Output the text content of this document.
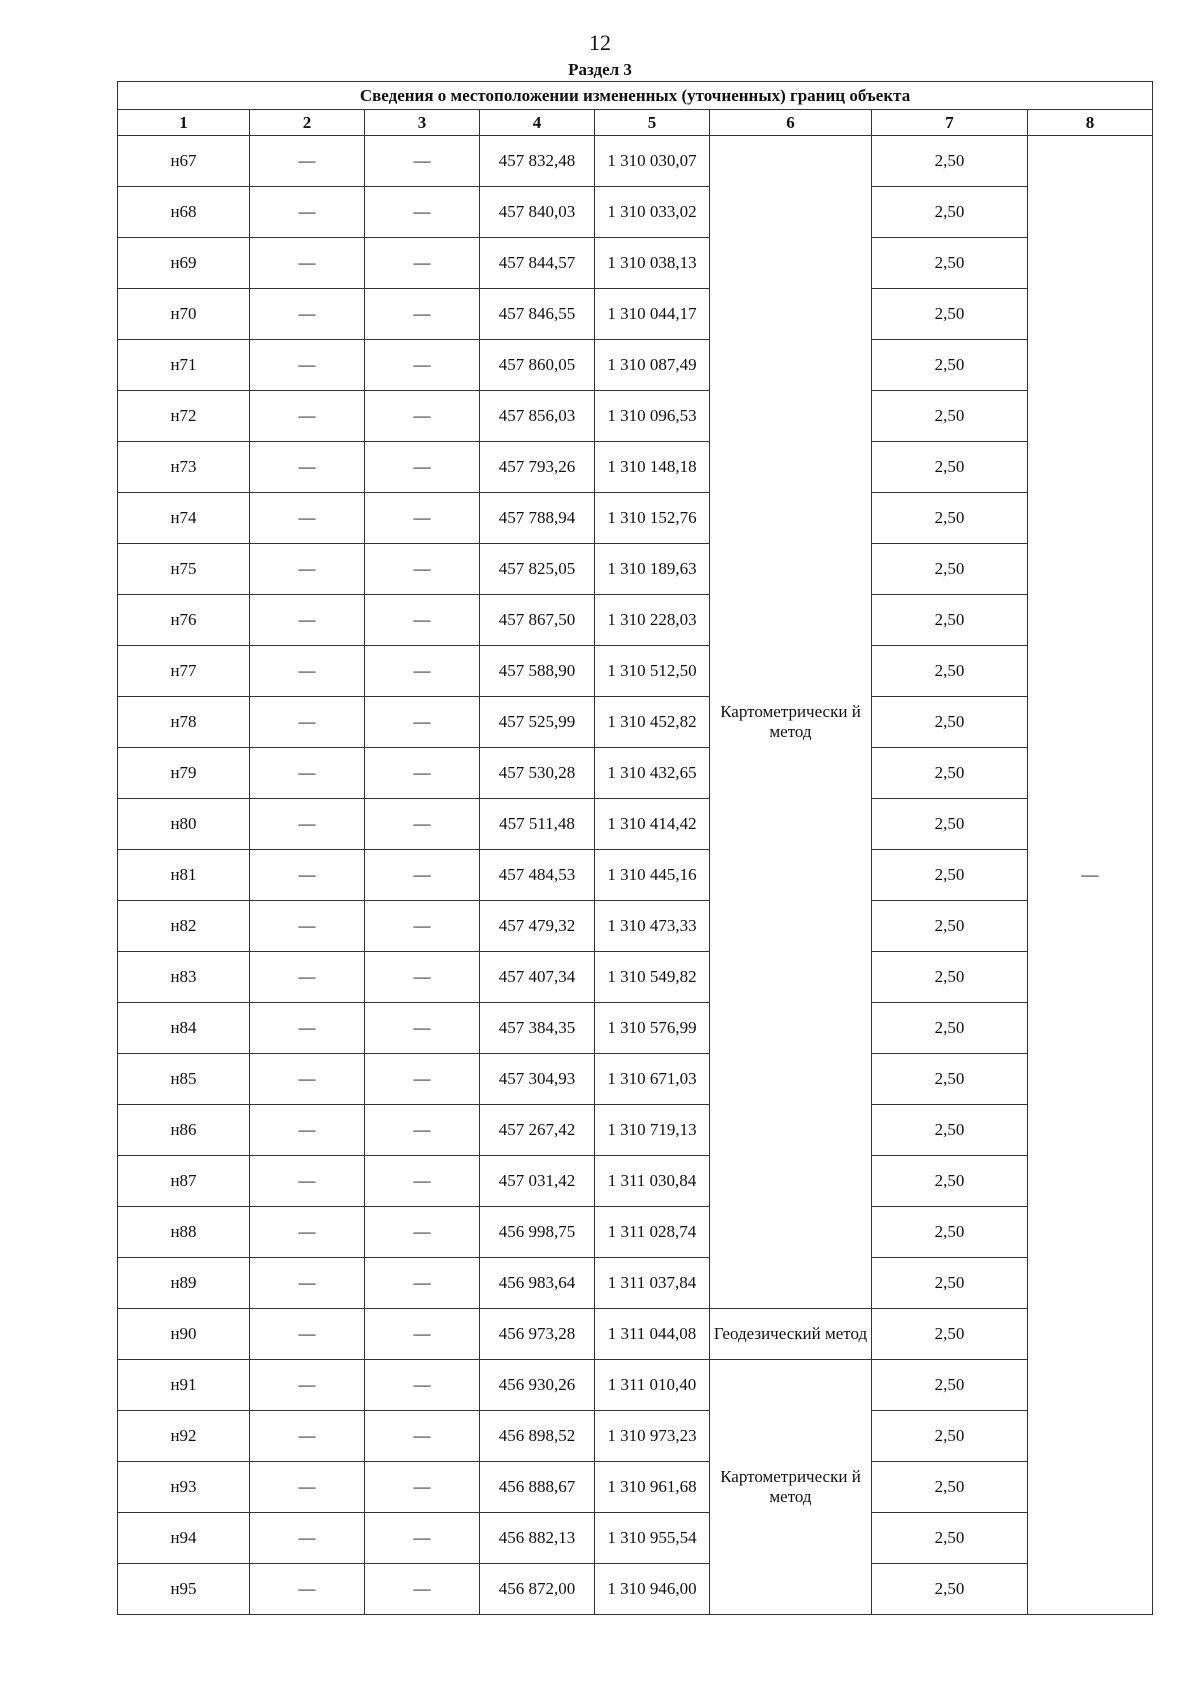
12
Раздел 3
Сведения о местоположении измененных (уточненных) границ объекта							
1	2	3	4	5	6	7	8
н67	—	—	457 832,48	1 310 030,07	Картометрически й метод	2,50	—
н68	—	—	457 840,03	1 310 033,02		2,50	
н69	—	—	457 844,57	1 310 038,13		2,50	
н70	—	—	457 846,55	1 310 044,17		2,50	
н71	—	—	457 860,05	1 310 087,49		2,50	
н72	—	—	457 856,03	1 310 096,53		2,50	
н73	—	—	457 793,26	1 310 148,18		2,50	
н74	—	—	457 788,94	1 310 152,76		2,50	
н75	—	—	457 825,05	1 310 189,63		2,50	
н76	—	—	457 867,50	1 310 228,03		2,50	
н77	—	—	457 588,90	1 310 512,50		2,50	
н78	—	—	457 525,99	1 310 452,82		2,50	
н79	—	—	457 530,28	1 310 432,65		2,50	
н80	—	—	457 511,48	1 310 414,42		2,50	
н81	—	—	457 484,53	1 310 445,16		2,50	
н82	—	—	457 479,32	1 310 473,33		2,50	
н83	—	—	457 407,34	1 310 549,82		2,50	
н84	—	—	457 384,35	1 310 576,99		2,50	
н85	—	—	457 304,93	1 310 671,03		2,50	
н86	—	—	457 267,42	1 310 719,13		2,50	
н87	—	—	457 031,42	1 311 030,84		2,50	
н88	—	—	456 998,75	1 311 028,74		2,50	
н89	—	—	456 983,64	1 311 037,84		2,50	
н90	—	—	456 973,28	1 311 044,08	Геодезический метод	2,50	
н91	—	—	456 930,26	1 311 010,40	Картометрически й метод	2,50	
н92	—	—	456 898,52	1 310 973,23		2,50	
н93	—	—	456 888,67	1 310 961,68		2,50	
н94	—	—	456 882,13	1 310 955,54		2,50	
н95	—	—	456 872,00	1 310 946,00		2,50	
